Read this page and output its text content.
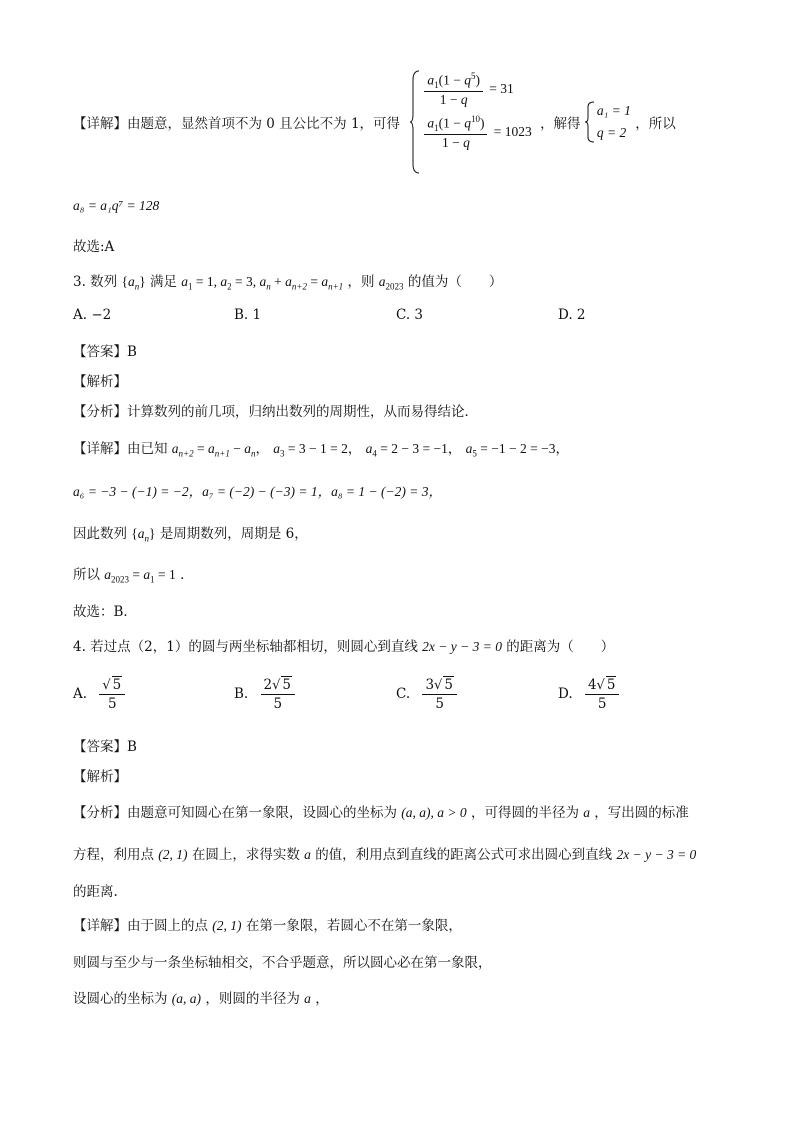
【详解】由题意，显然首项不为 0 且公比不为 1，可得
$\frac{a_1(1 - q^5)}{1 - q} = 31$
$\frac{a_1(1 - q^{10})}{1 - q} = 1023$ ，解得
a₁ = 1
q = 2 ，所以
a₈ = a₁q⁷ = 128
故选:A
3. 数列 $\{a_n\}$ 满足 $a_1 = 1$, $a_2 = 3$, $a_n + a_{n+2} = a_{n+1}$ ，则 $a_{2023}$ 的值为（　　）
A. −2	B. 1	C. 3	D. 2
【答案】B
【解析】
【分析】计算数列的前几项，归纳出数列的周期性，从而易得结论．
【详解】由已知 $a_{n+2} = a_{n+1} - a_n$， $a_3 = 3 - 1 = 2$， $a_4 = 2 - 3 = -1$， $a_5 = -1 - 2 = -3$，
a₆ = −3 − (−1) = −2，a₇ = (−2) − (−3) = 1，a₈ = 1 − (−2) = 3，
因此数列 $\{a_n\}$ 是周期数列，周期是 6，
所以 $a_{2023} = a_1 = 1$ ．
故选：B．
4. 若过点（2，1）的圆与两坐标轴都相切，则圆心到直线 2x − y − 3 = 0 的距离为（　　）
A. $\frac{√ 5}{5}$	B. $\frac{2√ 5}{5}$	C. $\frac{3√ 5}{5}$	D. $\frac{4√ 5}{5}$
【答案】B
【解析】
【分析】由题意可知圆心在第一象限，设圆心的坐标为 (a, a), a > 0 ，可得圆的半径为 a ，写出圆的标准
方程，利用点 (2, 1) 在圆上，求得实数 a 的值，利用点到直线的距离公式可求出圆心到直线 2x − y − 3 = 0
的距离.
【详解】由于圆上的点 (2, 1) 在第一象限，若圆心不在第一象限，
则圆与至少与一条坐标轴相交，不合乎题意，所以圆心必在第一象限，
设圆心的坐标为 (a, a) ，则圆的半径为 a ，
